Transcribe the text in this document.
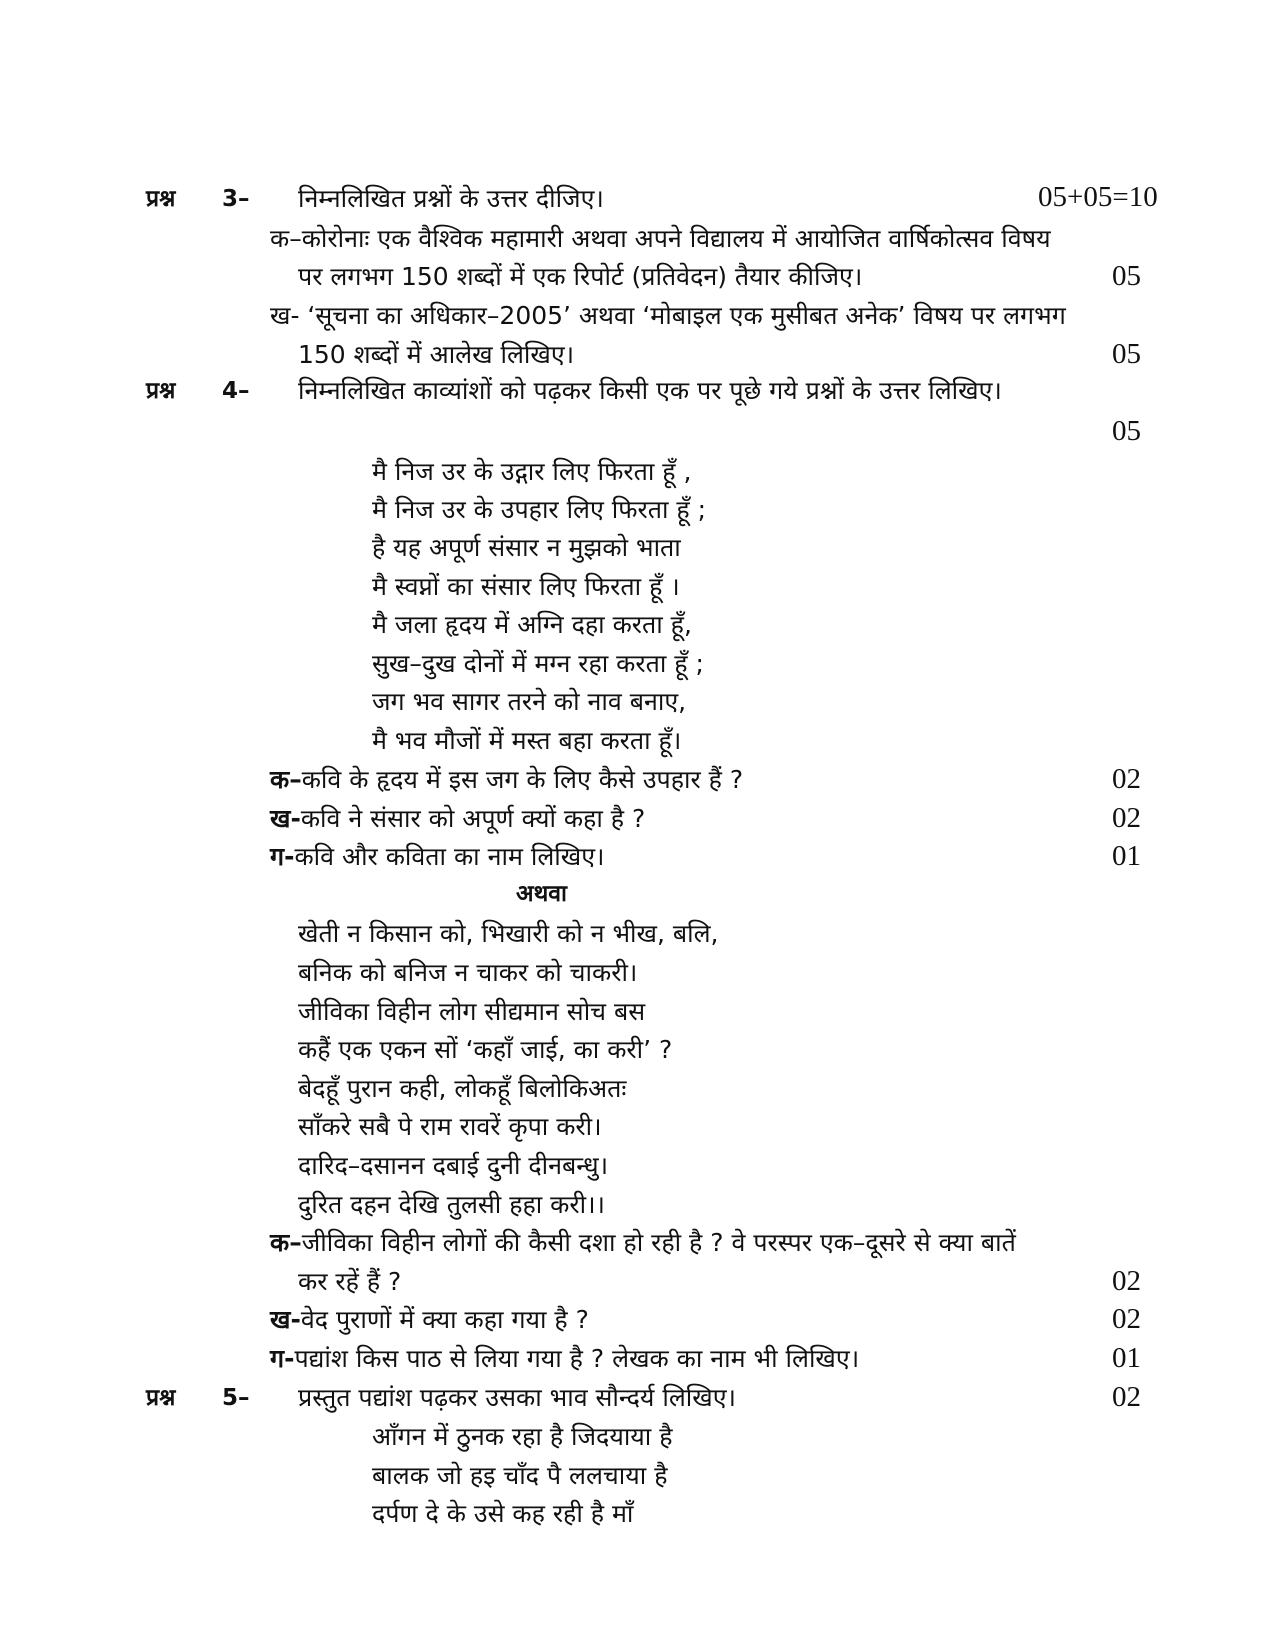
प्रश्न 3– निम्नलिखित प्रश्नों के उत्तर दीजिए।	05+05=10
क–कोरोनाः एक वैश्विक महामारी अथवा अपने विद्यालय में आयोजित वार्षिकोत्सव विषय
पर लगभग 150 शब्दों में एक रिपोर्ट (प्रतिवेदन) तैयार कीजिए।	05
ख- ‘सूचना का अधिकार–2005’ अथवा ‘मोबाइल एक मुसीबत अनेक’ विषय पर लगभग
150 शब्दों में आलेख लिखिए।	05
प्रश्न 4– निम्नलिखित काव्यांशों को पढ़कर किसी एक पर पूछे गये प्रश्नों के उत्तर लिखिए।
05
मै निज उर के उद्गार लिए फिरता हूँ ,
मै निज उर के उपहार लिए फिरता हूँ ;
है यह अपूर्ण संसार न मुझको भाता
मै स्वप्नों का संसार लिए फिरता हूँ ।
मै जला हृदय में अग्नि दहा करता हूँ,
सुख–दुख दोनों में मग्न रहा करता हूँ ;
जग भव सागर तरने को नाव बनाए,
मै भव मौजों में मस्त बहा करता हूँ।
क–कवि के हृदय में इस जग के लिए कैसे उपहार हैं ?	02
ख-कवि ने संसार को अपूर्ण क्यों कहा है ?	02
ग-कवि और कविता का नाम लिखिए।	01
अथवा
खेती न किसान को, भिखारी को न भीख, बलि,
बनिक को बनिज न चाकर को चाकरी।
जीविका विहीन लोग सीद्यमान सोच बस
कहैं एक एकन सों ‘कहाँ जाई, का करी’ ?
बेदहूँ पुरान कही, लोकहूँ बिलोकिअतः
साँकरे सबै पे राम रावरें कृपा करी।
दारिद–दसानन दबाई दुनी दीनबन्धु।
दुरित दहन देखि तुलसी हहा करी।।
क–जीविका विहीन लोगों की कैसी दशा हो रही है ? वे परस्पर एक–दूसरे से क्या बातें
कर रहें हैं ?	02
ख-वेद पुराणों में क्या कहा गया है ?	02
ग-पद्यांश किस पाठ से लिया गया है ? लेखक का नाम भी लिखिए।	01
प्रश्न 5– प्रस्तुत पद्यांश पढ़कर उसका भाव सौन्दर्य लिखिए।	02
आँगन में ठुनक रहा है जिदयाया है
बालक जो हइ चाँद पै ललचाया है
दर्पण दे के उसे कह रही है माँ
